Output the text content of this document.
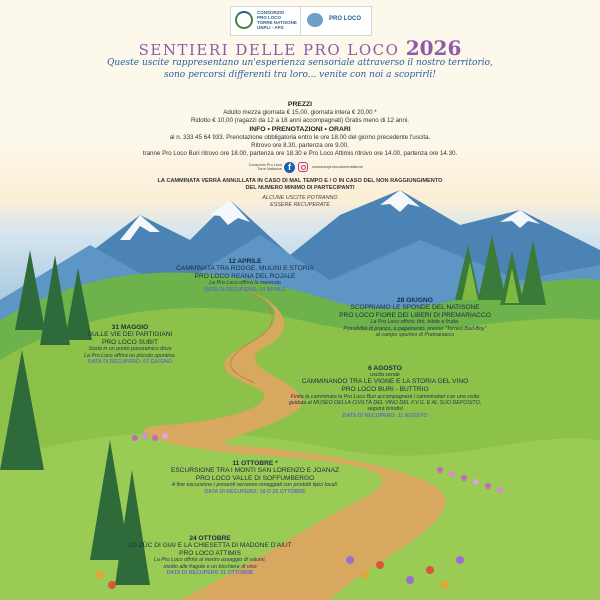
CONSORZIO
PRO LOCO
TORRE NATISONE
UNPLI - APS
PRO LOCO
SENTIERI DELLE PRO LOCO 2026
Queste uscite rappresentano un'esperienza sensoriale attraverso il nostro territorio,
sono percorsi differenti tra loro... venite con noi a scoprirli!
PREZZI
Adulto mezza giornata € 15,00, giornata intera € 20,00 *
Ridotto € 10,00 (ragazzi da 12 a 18 anni accompagnati) Gratis meno di 12 anni.
INFO • PRENOTAZIONI • ORARI
al n. 333 45 64 933. Prenotazione obbligatoria entro le ore 18.00 del giorno precedente l'uscita.
Ritrovo ore 8.30, partenza ore 9.00,
tranne Pro Loco Buri ritrovo ore 18.00, partenza ore 18.30 e Pro Loco Attimis ritrovo ore 14.00, partenza ore 14.30.
Consorzio Pro Loco Torre Natisone f	consorzioprolocotorrenatisone
LA CAMMINATA VERRÀ ANNULLATA IN CASO DI MAL TEMPO E / O IN CASO DEL NON RAGGIUNGIMENTO
DEL NUMERO MINIMO DI PARTECIPANTI
ALCUNE USCITE POTRANNO
ESSERE RECUPERATE
12 APRILE
CAMMINATA TRA ROGGE, MULINI E STORIA
PRO LOCO REANA DEL ROJALE
La Pro Loco offrirà la merenda
DATA DI RECUPERO: 19 APRILE
28 GIUGNO
SCOPRIAMO LE SPONDE DEL NATISONE
PRO LOCO FIORE DEI LIBERI DI PREMARIACCO
La Pro Loco offrirà: thè, bibite e frutta.
Possibilità di pranzo, a pagamento, presso "Torneo Bad-Boy"
al campo sportivo di Premariacco
31 MAGGIO
SULLE VIE DEI PARTIGIANI
PRO LOCO SUBIT
Sosta in un punto panoramico dove
La Pro Loco offrirà un piccolo spuntino.
DATA DI RECUPERO: 07 GIUGNO
6 AGOSTO
uscita serale
CAMMINANDO TRA LE VIGNE E LA STORIA DEL VINO
PRO LOCO BURI - BUTTRIO
Finita la camminata la Pro Loco Buri accompagnerà i camminatori con una visita
guidata al MUSEO DELLA CIVILTÀ DEL VINO DEL F.V.G. E AL SUO DEPOSITO,
seguirà brindisi
DATA DI RECUPERO: 11 AGOSTO
11 OTTOBRE *
ESCURSIONE TRA I MONTI SAN LORENZO E JOANAZ
PRO LOCO VALLE DI SOFFUMBERGO
A fine escursione i presenti verranno omaggiati con prodotti tipici locali.
DATA DI RECUPERO: 18 O 25 OTTOBRE
24 OTTOBRE
LO ZÛC DI GIAI E LA CHIESETTA DI MADONE D'AIUT
PRO LOCO ATTIMIS
La Pro Loco offrirà al rientro assaggio di salumi,
risotto alle fragole e un bicchiere di vino
DATA DI RECUPERO 31 OTTOBRE
